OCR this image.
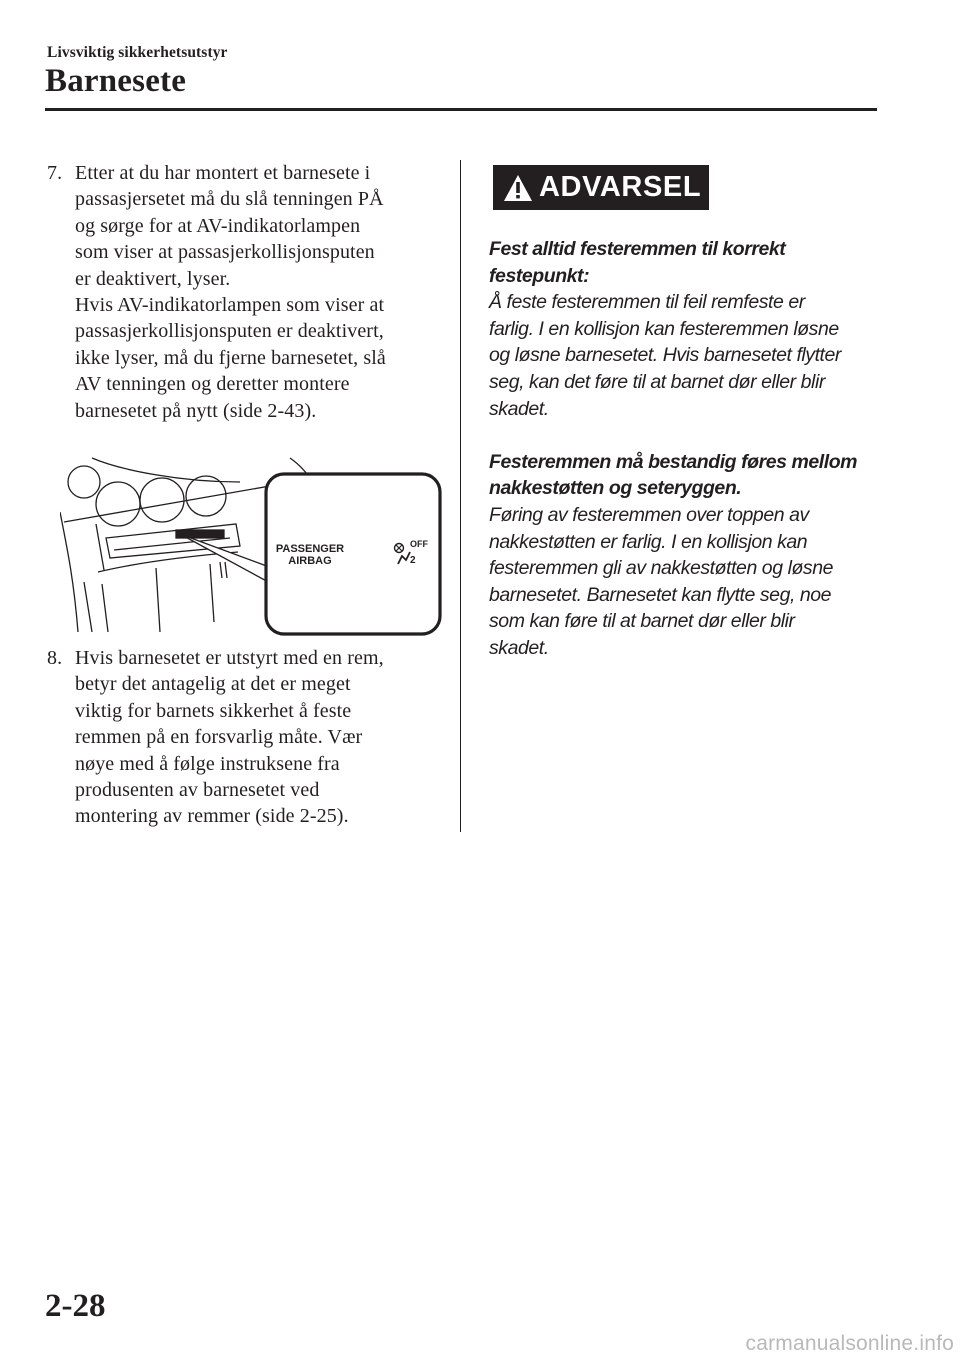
Livsviktig sikkerhetsutstyr
Barnesete
7. Etter at du har montert et barnesete i

passasjersetet må du slå tenningen PÅ

og sørge for at AV-indikatorlampen

som viser at passasjerkollisjonsputen

er deaktivert, lyser.

Hvis AV-indikatorlampen som viser at

passasjerkollisjonsputen er deaktivert,

ikke lyser, må du fjerne barnesetet, slå

AV tenningen og deretter montere

barnesetet på nytt (side 2-43).

PASSENGER
AIRBAG
OFF
2
8. Hvis barnesetet er utstyrt med en rem,

betyr det antagelig at det er meget

viktig for barnets sikkerhet å feste

remmen på en forsvarlig måte. Vær

nøye med å følge instruksene fra

produsenten av barnesetet ved

montering av remmer (side 2-25).

ADVARSEL

Fest alltid festeremmen til korrekt

festepunkt:

Å feste festeremmen til feil remfeste er

farlig. I en kollisjon kan festeremmen løsne

og løsne barnesetet. Hvis barnesetet flytter

seg, kan det føre til at barnet dør eller blir

skadet.

Festeremmen må bestandig føres mellom

nakkestøtten og seteryggen.

Føring av festeremmen over toppen av

nakkestøtten er farlig. I en kollisjon kan

festeremmen gli av nakkestøtten og løsne

barnesetet. Barnesetet kan flytte seg, noe

som kan føre til at barnet dør eller blir

skadet.

2-28
carmanualsonline.info
